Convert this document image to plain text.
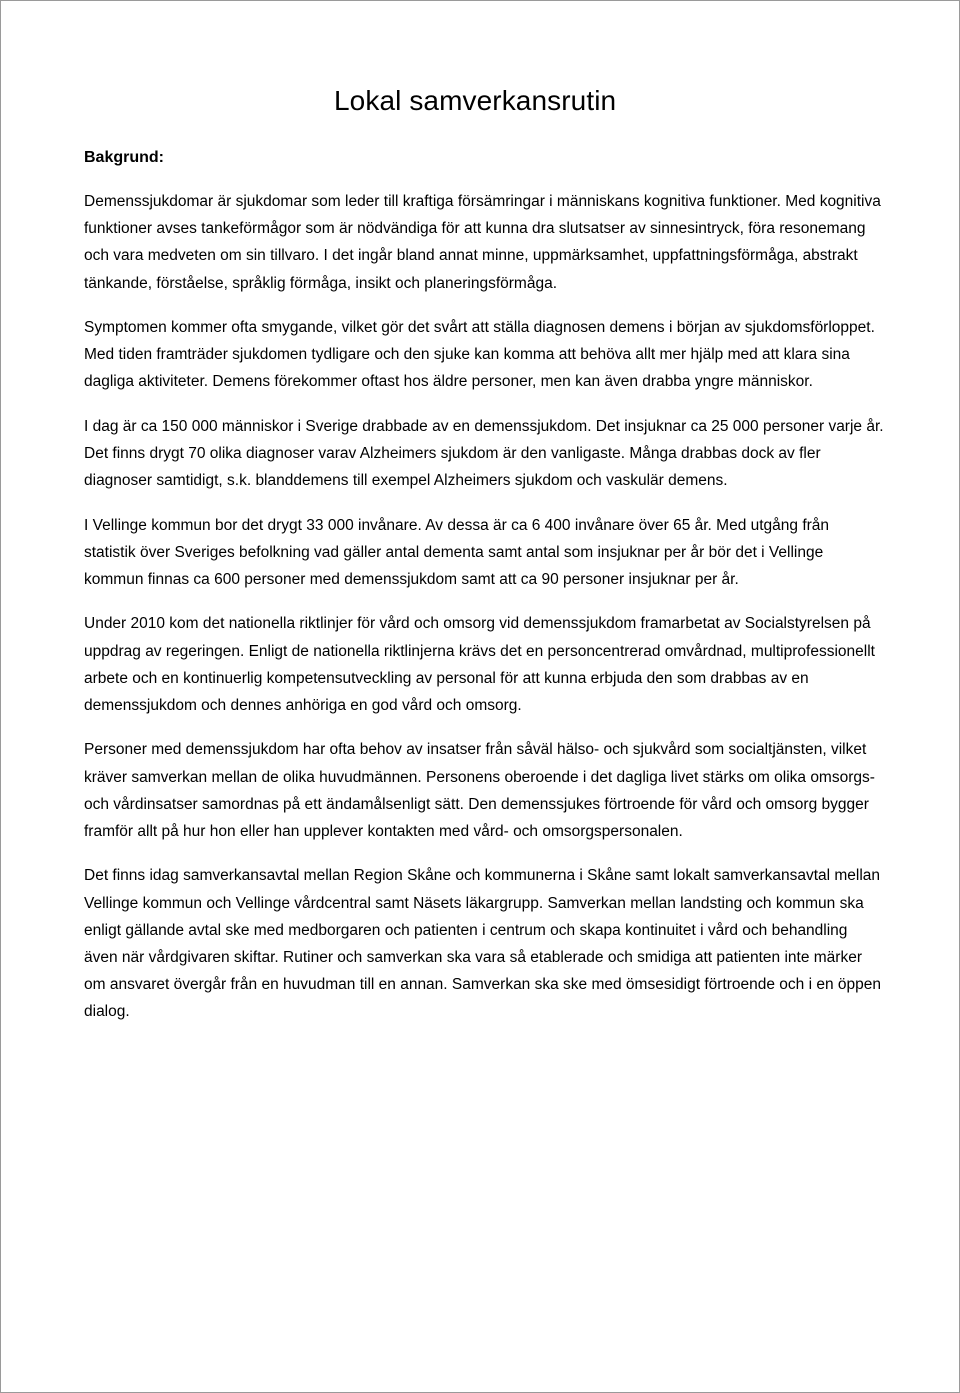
Lokal samverkansrutin
Bakgrund:

Demenssjukdomar är sjukdomar som leder till kraftiga försämringar i människans kognitiva funktioner. Med kognitiva funktioner avses tankeförmågor som är nödvändiga för att kunna dra slutsatser av sinnesintryck, föra resonemang och vara medveten om sin tillvaro. I det ingår bland annat minne, uppmärksamhet, uppfattningsförmåga, abstrakt tänkande, förståelse, språklig förmåga, insikt och planeringsförmåga.

Symptomen kommer ofta smygande, vilket gör det svårt att ställa diagnosen demens i början av sjukdomsförloppet. Med tiden framträder sjukdomen tydligare och den sjuke kan komma att behöva allt mer hjälp med att klara sina dagliga aktiviteter. Demens förekommer oftast hos äldre personer, men kan även drabba yngre människor.

I dag är ca 150 000 människor i Sverige drabbade av en demenssjukdom. Det insjuknar ca 25 000 personer varje år. Det finns drygt 70 olika diagnoser varav Alzheimers sjukdom är den vanligaste. Många drabbas dock av fler diagnoser samtidigt, s.k. blanddemens till exempel Alzheimers sjukdom och vaskulär demens.

I Vellinge kommun bor det drygt 33 000 invånare. Av dessa är ca 6 400 invånare över 65 år. Med utgång från statistik över Sveriges befolkning vad gäller antal dementa samt antal som insjuknar per år bör det i Vellinge kommun finnas ca 600 personer med demenssjukdom samt att ca 90 personer insjuknar per år.

Under 2010 kom det nationella riktlinjer för vård och omsorg vid demenssjukdom framarbetat av Socialstyrelsen på uppdrag av regeringen. Enligt de nationella riktlinjerna krävs det en personcentrerad omvårdnad, multiprofessionellt arbete och en kontinuerlig kompetensutveckling av personal för att kunna erbjuda den som drabbas av en demenssjukdom och dennes anhöriga en god vård och omsorg.

Personer med demenssjukdom har ofta behov av insatser från såväl hälso- och sjukvård som socialtjänsten, vilket kräver samverkan mellan de olika huvudmännen. Personens oberoende i det dagliga livet stärks om olika omsorgs- och vårdinsatser samordnas på ett ändamålsenligt sätt. Den demenssjukes förtroende för vård och omsorg bygger framför allt på hur hon eller han upplever kontakten med vård- och omsorgspersonalen.

Det finns idag samverkansavtal mellan Region Skåne och kommunerna i Skåne samt lokalt samverkansavtal mellan Vellinge kommun och Vellinge vårdcentral samt Näsets läkargrupp. Samverkan mellan landsting och kommun ska enligt gällande avtal ske med medborgaren och patienten i centrum och skapa kontinuitet i vård och behandling även när vårdgivaren skiftar. Rutiner och samverkan ska vara så etablerade och smidiga att patienten inte märker om ansvaret övergår från en huvudman till en annan. Samverkan ska ske med ömsesidigt förtroende och i en öppen dialog.
